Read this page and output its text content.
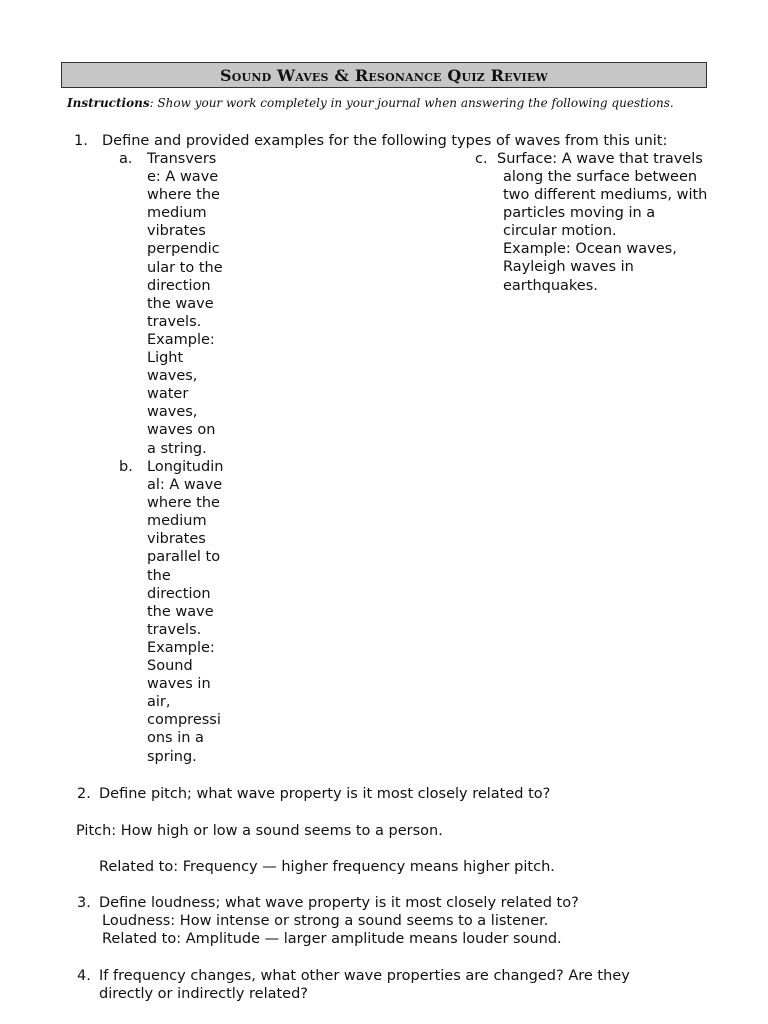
Sound Waves & Resonance Quiz Review
Instructions: Show your work completely in your journal when answering the following questions.
1. Define and provided examples for the following types of waves from this unit:
a. Transvers
e: A wave
where the
medium
vibrates
perpendic
ular to the
direction
the wave
travels.
Example:
Light
waves,
water
waves,
waves on
a string.
b. Longitudin
al: A wave
where the
medium
vibrates
parallel to
the
direction
the wave
travels.
Example:
Sound
waves in
air,
compressi
ons in a
spring.
c. Surface: A wave that travels
along the surface between
two different mediums, with
particles moving in a
circular motion.
Example: Ocean waves,
Rayleigh waves in
earthquakes.
2. Define pitch; what wave property is it most closely related to?
Pitch: How high or low a sound seems to a person.
Related to: Frequency — higher frequency means higher pitch.
3. Define loudness; what wave property is it most closely related to?
Loudness: How intense or strong a sound seems to a listener.
Related to: Amplitude — larger amplitude means louder sound.
4. If frequency changes, what other wave properties are changed? Are they
directly or indirectly related?
